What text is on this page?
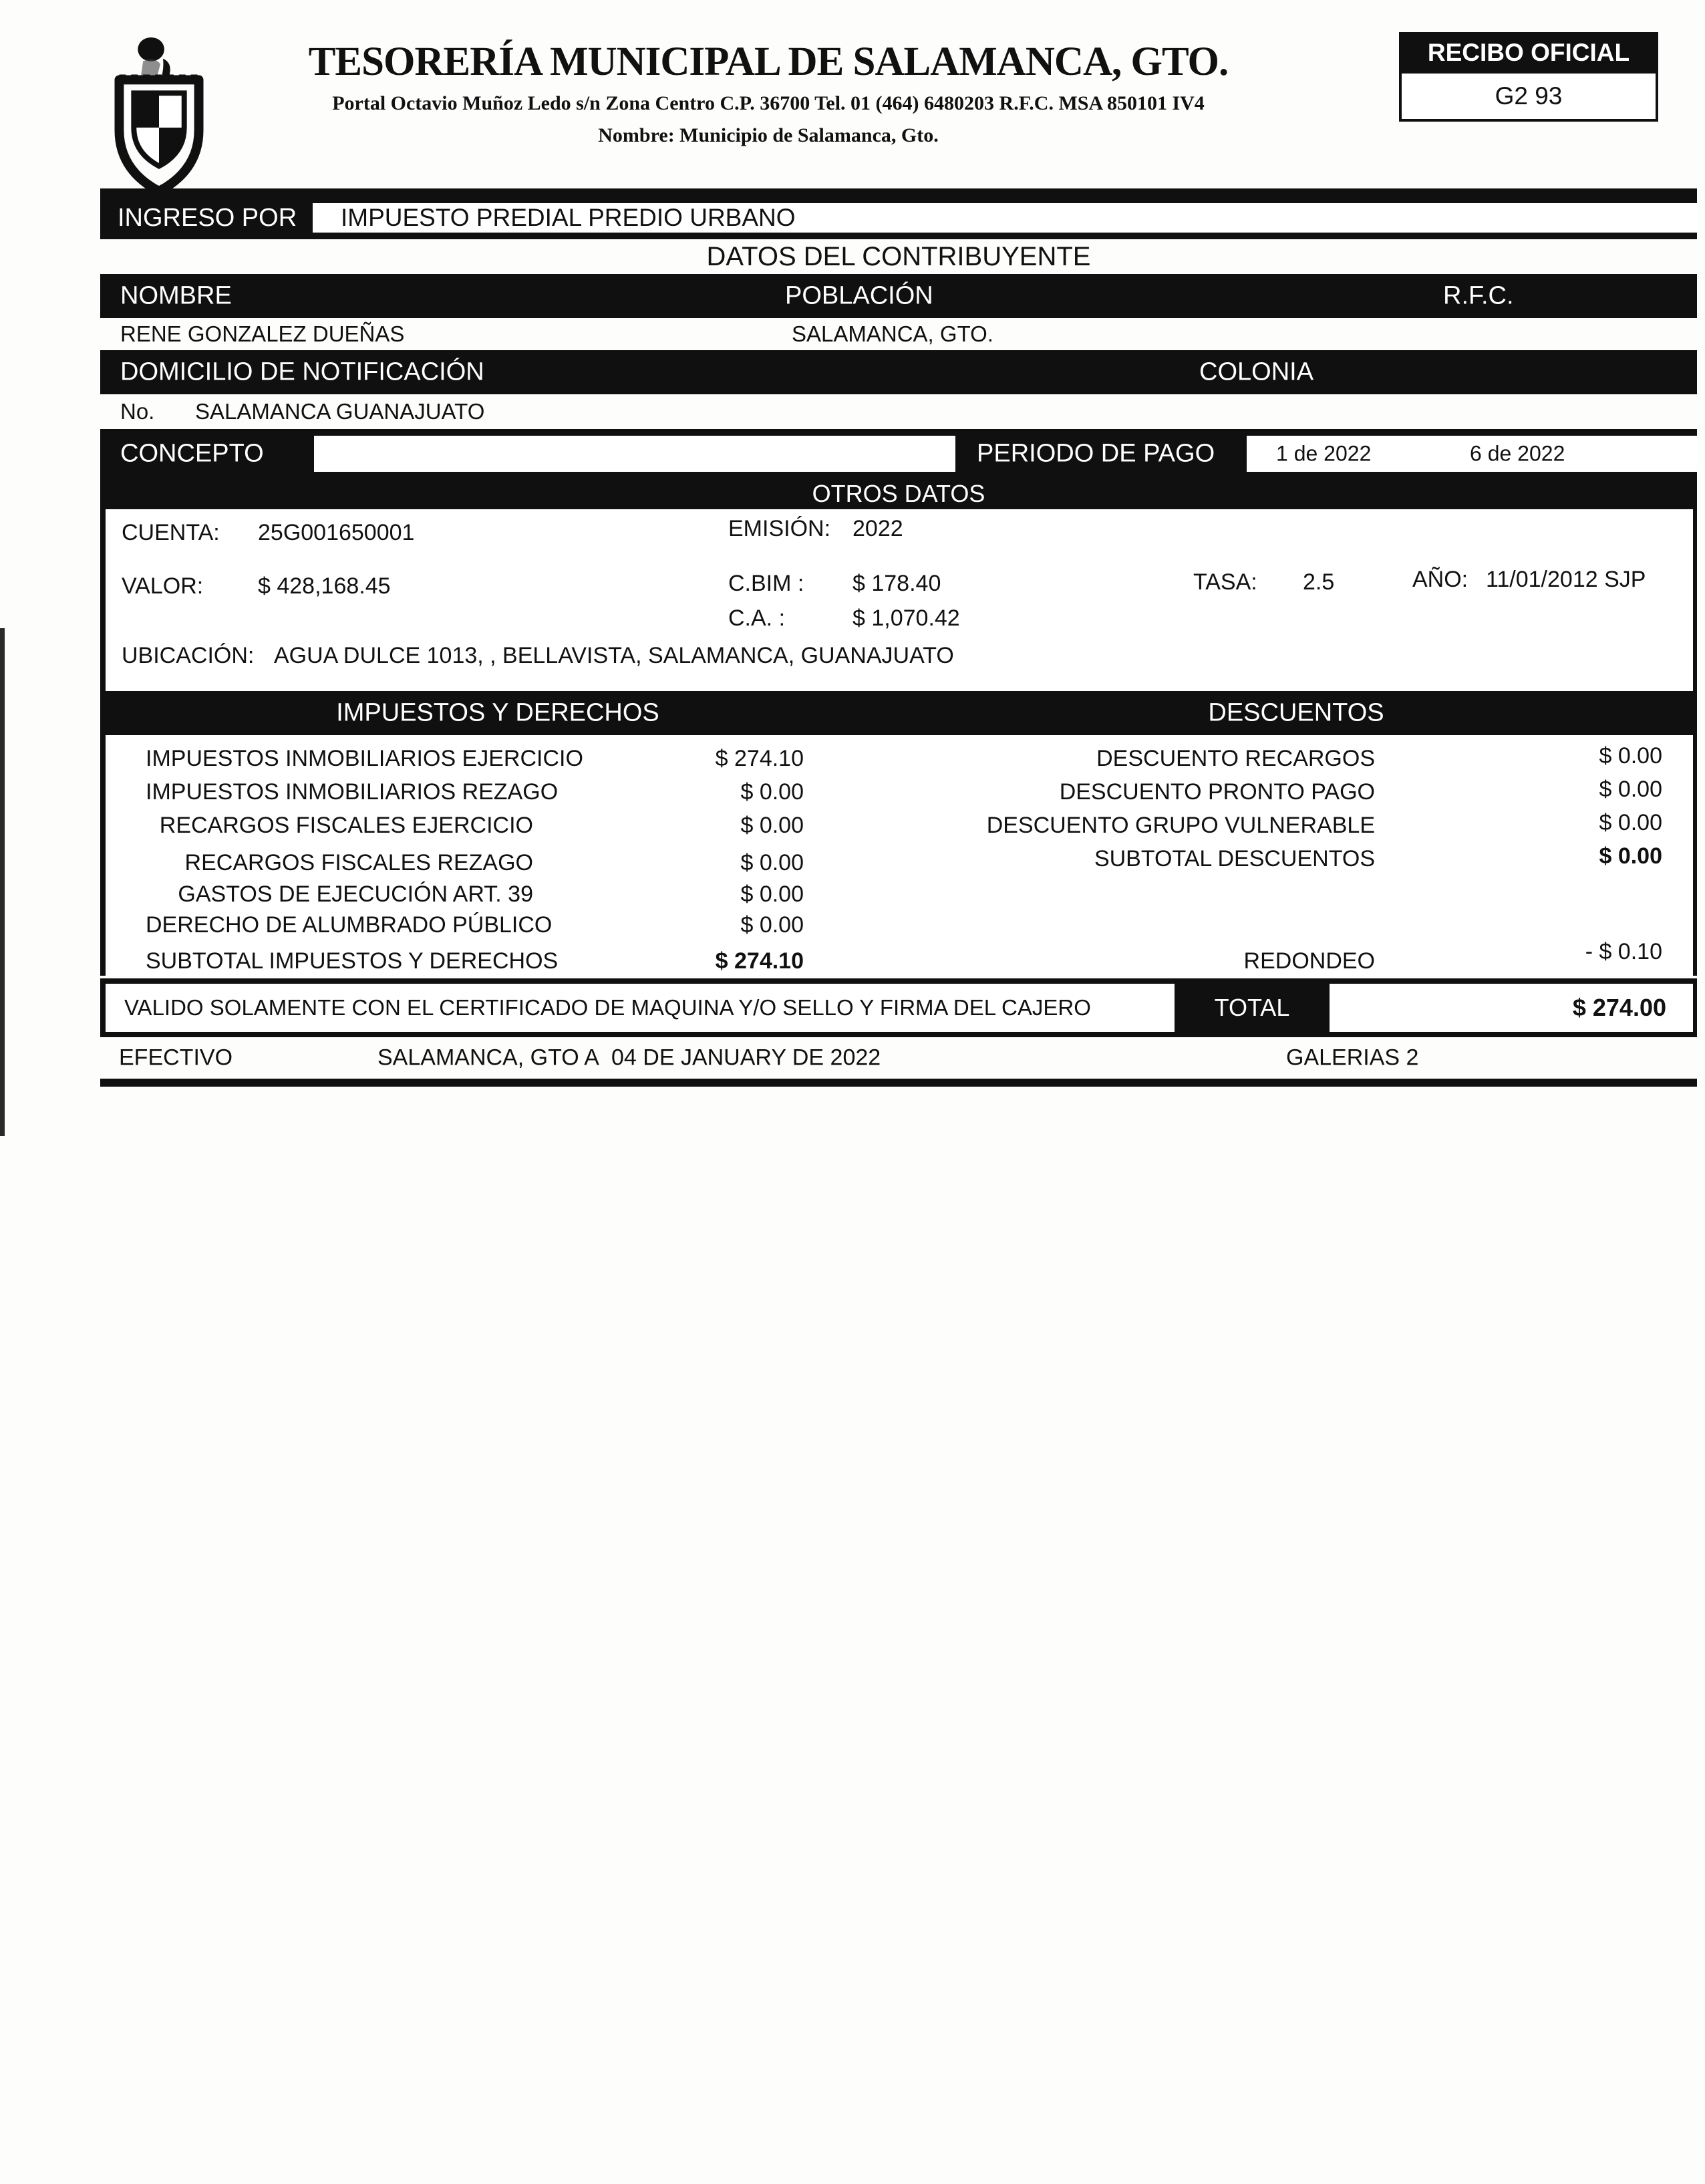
TESORERÍA MUNICIPAL DE SALAMANCA, GTO.
Portal Octavio Muñoz Ledo s/n Zona Centro C.P. 36700 Tel. 01 (464) 6480203 R.F.C. MSA 850101 IV4
Nombre: Municipio de Salamanca, Gto.
RECIBO OFICIAL
G2 93
INGRESO POR	IMPUESTO PREDIAL PREDIO URBANO
DATOS DEL CONTRIBUYENTE
NOMBRE	POBLACIÓN	R.F.C.
RENE GONZALEZ DUEÑAS	SALAMANCA, GTO.
DOMICILIO DE NOTIFICACIÓN	COLONIA
No. SALAMANCA GUANAJUATO
CONCEPTO	PERIODO DE PAGO	1 de 2022	6 de 2022
OTROS DATOS
CUENTA: 25G001650001	EMISIÓN: 2022
VALOR: $ 428,168.45	C.BIM : $ 178.40	TASA: 2.5	AÑO: 11/01/2012 SJP
C.A. :	$ 1,070.42
UBICACIÓN: AGUA DULCE 1013, , BELLAVISTA, SALAMANCA, GUANAJUATO
IMPUESTOS Y DERECHOS	DESCUENTOS
IMPUESTOS INMOBILIARIOS EJERCICIO	$ 274.10
IMPUESTOS INMOBILIARIOS REZAGO	$ 0.00
RECARGOS FISCALES EJERCICIO	$ 0.00
RECARGOS FISCALES REZAGO	$ 0.00
GASTOS DE EJECUCIÓN ART. 39	$ 0.00
DERECHO DE ALUMBRADO PÚBLICO	$ 0.00
SUBTOTAL IMPUESTOS Y DERECHOS	$ 274.10
DESCUENTO RECARGOS	$ 0.00
DESCUENTO PRONTO PAGO	$ 0.00
DESCUENTO GRUPO VULNERABLE	$ 0.00
SUBTOTAL DESCUENTOS	$ 0.00
REDONDEO	- $ 0.10
VALIDO SOLAMENTE CON EL CERTIFICADO DE MAQUINA Y/O SELLO Y FIRMA DEL CAJERO	TOTAL	$ 274.00
EFECTIVO	SALAMANCA, GTO A 04 DE JANUARY DE 2022	GALERIAS 2
